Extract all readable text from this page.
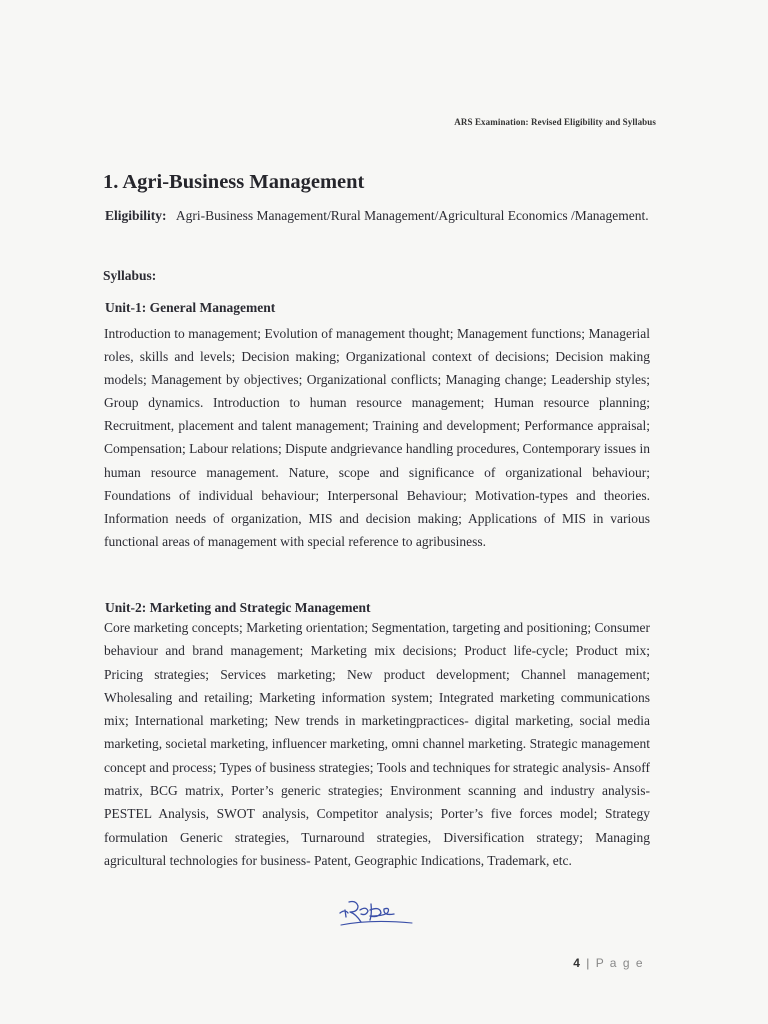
ARS Examination: Revised Eligibility and Syllabus
1. Agri-Business Management
Eligibility: Agri-Business Management/Rural Management/Agricultural Economics /Management.
Syllabus:
Unit-1: General Management

Introduction to management; Evolution of management thought; Management functions; Managerial roles, skills and levels; Decision making; Organizational context of decisions; Decision making models; Management by objectives; Organizational conflicts; Managing change; Leadership styles; Group dynamics. Introduction to human resource management; Human resource planning; Recruitment, placement and talent management; Training and development; Performance appraisal; Compensation; Labour relations; Dispute andgrievance handling procedures, Contemporary issues in human resource management. Nature, scope and significance of organizational behaviour; Foundations of individual behaviour; Interpersonal Behaviour; Motivation-types and theories. Information needs of organization, MIS and decision making; Applications of MIS in various functional areas of management with special reference to agribusiness.

Unit-2: Marketing and Strategic Management

Core marketing concepts; Marketing orientation; Segmentation, targeting and positioning; Consumer behaviour and brand management; Marketing mix decisions; Product life-cycle; Product mix; Pricing strategies; Services marketing; New product development; Channel management; Wholesaling and retailing; Marketing information system; Integrated marketing communications mix; International marketing; New trends in marketingpractices- digital marketing, social media marketing, societal marketing, influencer marketing, omni channel marketing. Strategic management concept and process; Types of business strategies; Tools and techniques for strategic analysis- Ansoff matrix, BCG matrix, Porter’s generic strategies; Environment scanning and industry analysis-PESTEL Analysis, SWOT analysis, Competitor analysis; Porter’s five forces model; Strategy formulation Generic strategies, Turnaround strategies, Diversification strategy; Managing agricultural technologies for business- Patent, Geographic Indications, Trademark, etc.

4 | P a g e
